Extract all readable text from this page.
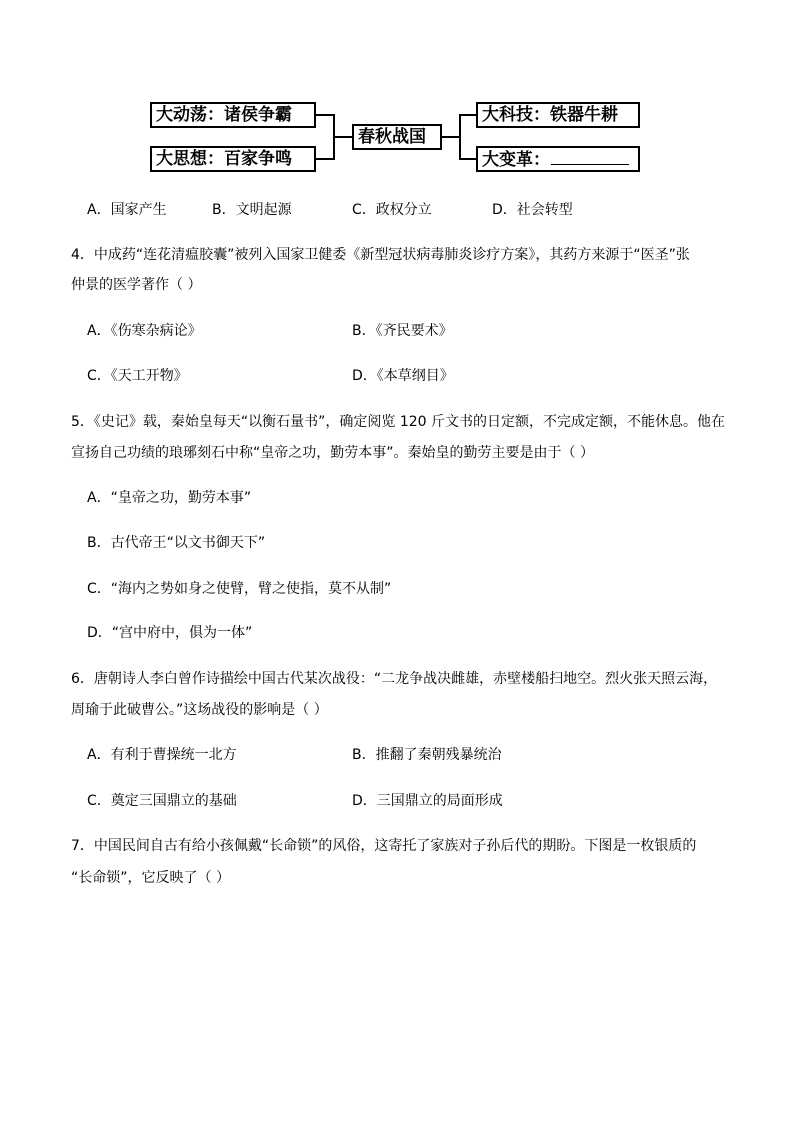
大动荡：诸侯争霸
大思想：百家争鸣
春秋战国
大科技：铁器牛耕
大变革：
A．国家产生	B．文明起源	C．政权分立	D．社会转型
4．中成药“连花清瘟胶囊”被列入国家卫健委《新型冠状病毒肺炎诊疗方案》，其药方来源于“医圣”张
仲景的医学著作（ ）
A．《伤寒杂病论》	B．《齐民要术》
C．《天工开物》	D．《本草纲目》
5．《史记》载，秦始皇每天“以衡石量书”，确定阅览 120 斤文书的日定额，不完成定额，不能休息。他在
宣扬自己功绩的琅琊刻石中称“皇帝之功，勤劳本事”。秦始皇的勤劳主要是由于（ ）
A．“皇帝之功，勤劳本事”
B．古代帝王“以文书御天下”
C．“海内之势如身之使臂，臂之使指，莫不从制”
D．“宫中府中，俱为一体”
6．唐朝诗人李白曾作诗描绘中国古代某次战役：“二龙争战决雌雄，赤壁楼船扫地空。烈火张天照云海，
周瑜于此破曹公。”这场战役的影响是（ ）
A．有利于曹操统一北方	B．推翻了秦朝残暴统治
C．奠定三国鼎立的基础	D．三国鼎立的局面形成
7．中国民间自古有给小孩佩戴“长命锁”的风俗，这寄托了家族对子孙后代的期盼。下图是一枚银质的
“长命锁”，它反映了（ ）
